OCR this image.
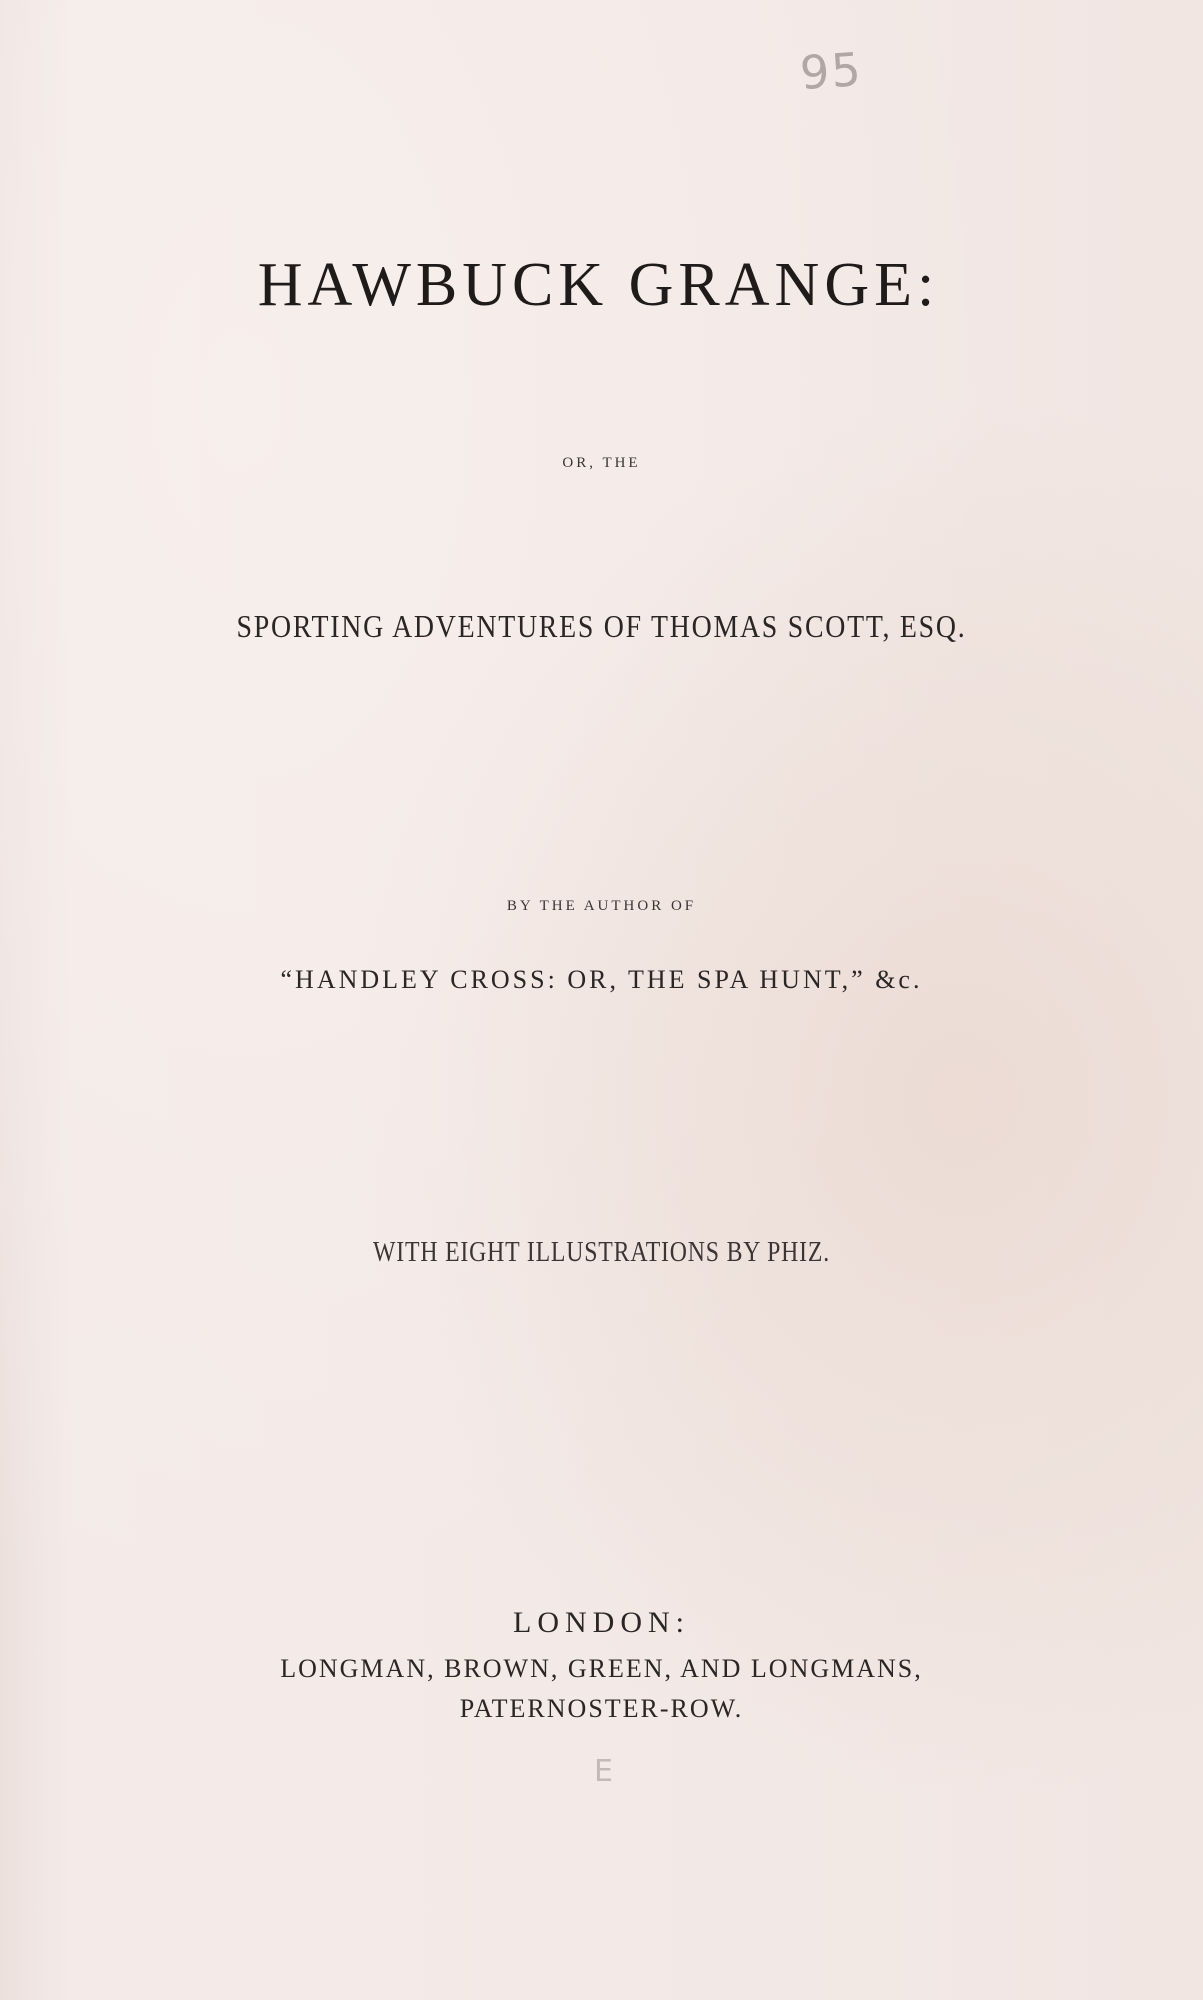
95
HAWBUCK GRANGE:
OR, THE
SPORTING ADVENTURES OF THOMAS SCOTT, ESQ.
BY THE AUTHOR OF
“HANDLEY CROSS: OR, THE SPA HUNT,” &c.
WITH EIGHT ILLUSTRATIONS BY PHIZ.
LONDON:
LONGMAN, BROWN, GREEN, AND LONGMANS,
PATERNOSTER-ROW.
E
